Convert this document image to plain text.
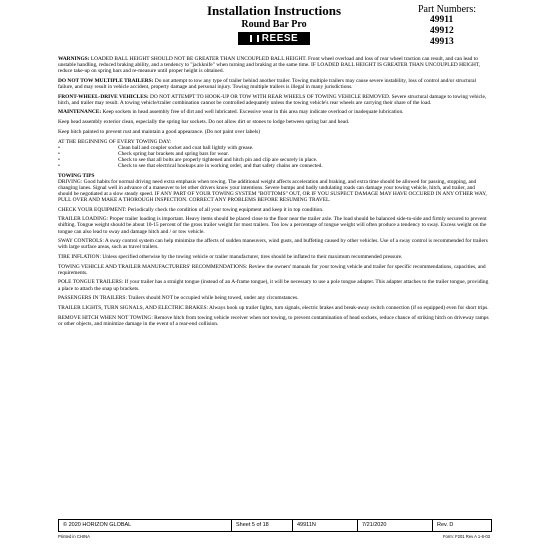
Installation Instructions
Round Bar Pro
REESE
Part Numbers:
49911
49912
49913

WARNINGS: LOADED BALL HEIGHT SHOULD NOT BE GREATER THAN UNCOUPLED BALL HEIGHT. Front wheel overload and loss of rear wheel traction can result, and can lead to unstable handling, reduced braking ability, and a tendency to "jackknife" when turning and braking at the same time. IF LOADED BALL HEIGHT IS GREATER THAN UNCOUPLED HEIGHT, reduce take-up on spring bars and re-measure until proper height is obtained.

DO NOT TOW MULTIPLE TRAILERS: Do not attempt to tow any type of trailer behind another trailer. Towing multiple trailers may cause severe instability, loss of control and/or structural failure, and may result in vehicle accident, property damage and personal injury. Towing multiple trailers is illegal in many jurisdictions.

FRONT-WHEEL-DRIVE VEHICLES: DO NOT ATTEMPT TO HOOK-UP OR TOW WITH REAR WHEELS OF TOWING VEHICLE REMOVED. Severe structural damage to towing vehicle, hitch, and trailer may result. A towing vehicle/trailer combination cannot be controlled adequately unless the towing vehicle's rear wheels are carrying their share of the load.

MAINTENANCE: Keep sockets in head assembly free of dirt and well lubricated. Excessive wear in this area may indicate overload or inadequate lubrication.

Keep head assembly exterior clean, especially the spring bar sockets. Do not allow dirt or stones to lodge between spring bar and head.

Keep hitch painted to prevent rust and maintain a good appearance. (Do not paint over labels)

AT THE BEGINNING OF EVERY TOWING DAY:
•	Clean ball and coupler socket and coat ball lightly with grease.
•	Check spring bar brackets and spring bars for wear.
•	Check to see that all bolts are properly tightened and hitch pin and clip are securely in place.
•	Check to see that electrical hookups are in working order, and that safety chains are connected.
TOWING TIPS

DRIVING: Good habits for normal driving need extra emphasis when towing. The additional weight affects acceleration and braking, and extra time should be allowed for passing, stopping, and changing lanes. Signal well in advance of a maneuver to let other drivers know your intentions. Severe bumps and badly undulating roads can damage your towing vehicle, hitch, and trailer, and should be negotiated at a slow steady speed. IF ANY PART OF YOUR TOWING SYSTEM "BOTTOMS" OUT, OR IF YOU SUSPECT DAMAGE MAY HAVE OCCURED IN ANY OTHER WAY, PULL OVER AND MAKE A THOROUGH INSPECTION. CORRECT ANY PROBLEMS BEFORE RESUMING TRAVEL.

CHECK YOUR EQUIPMENT: Periodically check the condition of all your towing equipment and keep it in top condition.

TRAILER LOADING: Proper trailer loading is important. Heavy items should be placed close to the floor near the trailer axle. The load should be balanced side-to-side and firmly secured to prevent shifting. Tongue weight should be about 10-15 percent of the gross trailer weight for most trailers. Too low a percentage of tongue weight will often produce a tendency to sway. Excess weight on the tongue can also lead to sway and damage hitch and / or tow vehicle.

SWAY CONTROLS: A sway control system can help minimize the affects of sudden maneuvers, wind gusts, and buffeting caused by other vehicles. Use of a sway control is recommended for trailers with large surface areas, such as travel trailers.

TIRE INFLATION: Unless specified otherwise by the towing vehicle or trailer manufacturer, tires should be inflated to their maximum recommended pressure.

TOWING VEHICLE AND TRAILER MANUFACTURERS' RECOMMENDATIONS: Review the owners' manuals for your towing vehicle and trailer for specific recommendations, capacities, and requirements.

POLE TONGUE TRAILERS: If your trailer has a straight tongue (instead of an A-frame tongue), it will be necessary to use a pole tongue adapter. This adapter attaches to the trailer tongue, providing a place to attach the snap up brackets.

PASSENGERS IN TRAILERS: Trailers should NOT be occupied while being towed, under any circumstances.

TRAILER LIGHTS, TURN SIGNALS, AND ELECTRIC BRAKES: Always hook up trailer lights, turn signals, electric brakes and break-away switch connection (if so equipped) even for short trips.

REMOVE HITCH WHEN NOT TOWING: Remove hitch from towing vehicle receiver when not towing, to prevent contamination of head sockets, reduce chance of striking hitch on driveway ramps or other objects, and minimize damage in the event of a rear-end collision.

© 2020 HORIZON GLOBAL	Sheet 5 of 18	49911N	7/21/2020	Rev. D
Printed in CHINA	Form: F201 Rev A 1-6-03
